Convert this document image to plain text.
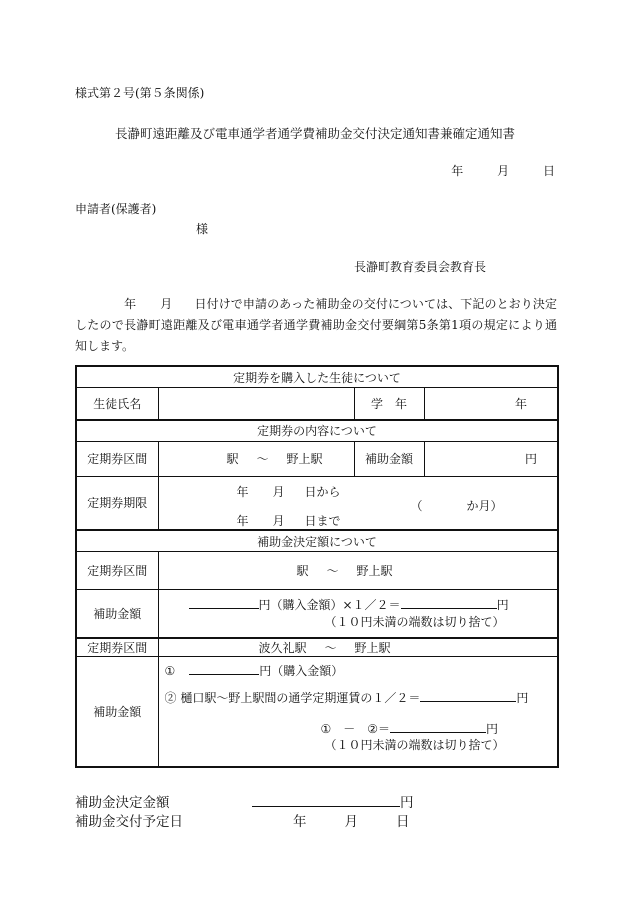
様式第２号(第５条関係)
長瀞町遠距離及び電車通学者通学費補助金交付決定通知書兼確定通知書
年	月	日
申請者(保護者)
様
長瀞町教育委員会教育長
年 月 日付けで申請のあった補助金の交付については、下記のとおり決定したので長瀞町遠距離及び電車通学者通学費補助金交付要綱第5条第1項の規定により通知します。
定期券を購入した生徒について			
生徒氏名		学　年	年
定期券の内容について			
定期券区間	駅 ～ 野上駅	補助金額	円
定期券期限	年 月 日から
年 月 日まで
（ か月）		

補助金決定額について			
定期券区間	駅 ～ 野上駅		
補助金額	円（購入金額）×１／２＝ 円
（１０円未満の端数は切り捨て）		

定期券区間	波久礼駅 ～ 野上駅		
補助金額	① 円（購入金額）
② 樋口駅～野上駅間の通学定期運賃の１／２＝ 円
①　－　②＝ 円
（１０円未満の端数は切り捨て）		
補助金決定金額	円
補助金交付予定日	年	月	日
